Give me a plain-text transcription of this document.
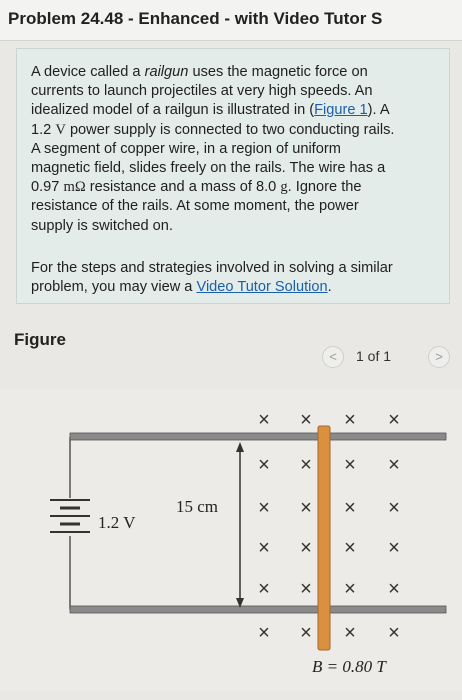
Problem 24.48 - Enhanced - with Video Tutor S
A device called a railgun uses the magnetic force on
currents to launch projectiles at very high speeds. An
idealized model of a railgun is illustrated in (Figure 1). A
1.2 V power supply is connected to two conducting rails.
A segment of copper wire, in a region of uniform
magnetic field, slides freely on the rails. The wire has a
0.97 mΩ resistance and a mass of 8.0 g. Ignore the
resistance of the rails. At some moment, the power
supply is switched on.
For the steps and strategies involved in solving a similar
problem, you may view a Video Tutor Solution.
Figure
<	1 of 1	>
1.2 V
15 cm
× × × ×
× × × ×
× × × ×
× × × ×
× × × ×
× × × ×
B = 0.80 T
